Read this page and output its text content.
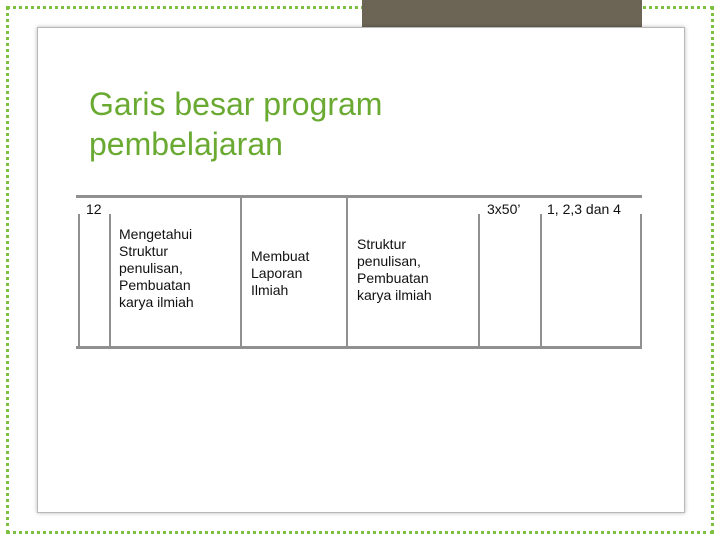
Garis besar program
pembelajaran
12
Mengetahui
Struktur
penulisan,
Pembuatan
karya ilmiah
Membuat
Laporan
Ilmiah
Struktur
penulisan,
Pembuatan
karya ilmiah
3x50’	1, 2,3 dan 4
